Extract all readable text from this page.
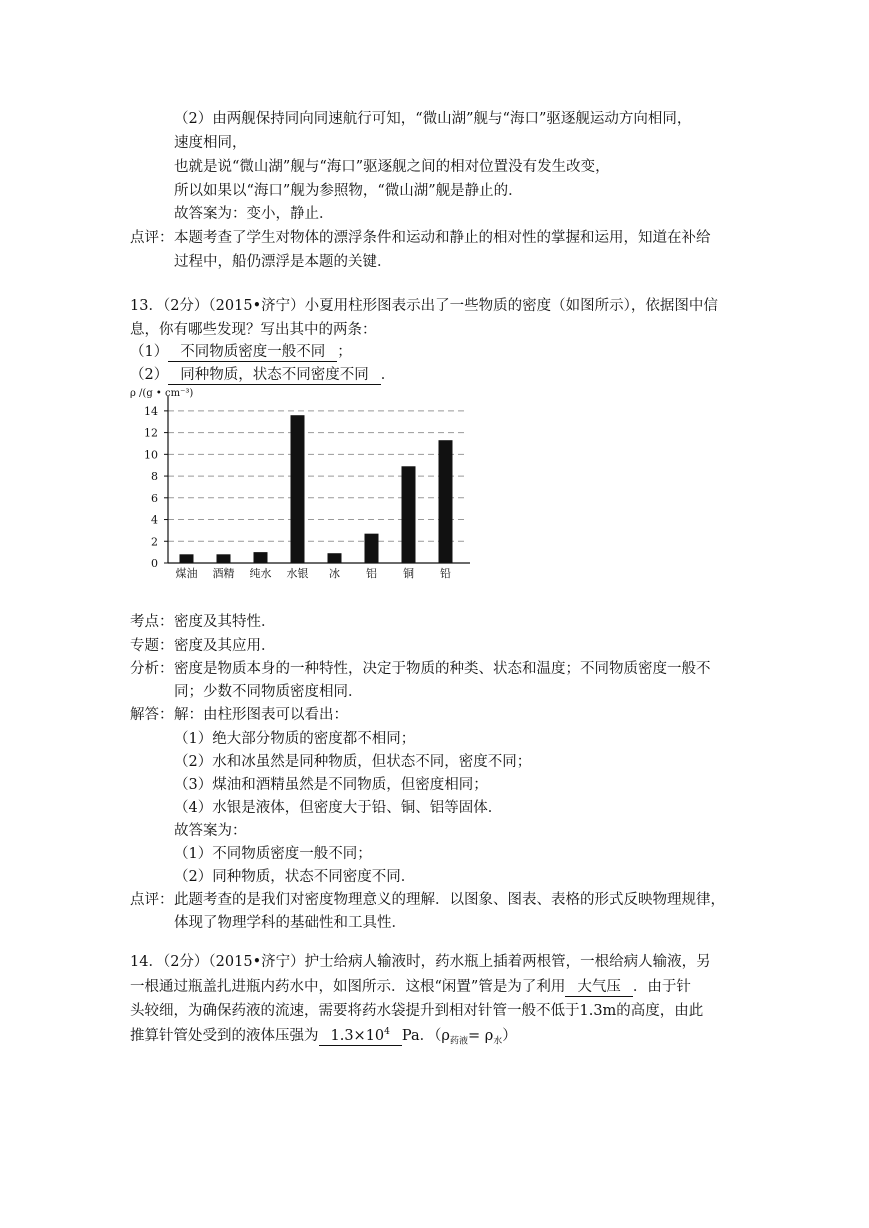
（2）由两舰保持同向同速航行可知，“微山湖”舰与“海口”驱逐舰运动方向相同，
速度相同，
也就是说“微山湖”舰与“海口”驱逐舰之间的相对位置没有发生改变，
所以如果以“海口”舰为参照物，“微山湖”舰是静止的．
故答案为：变小，静止．
点评： 本题考查了学生对物体的漂浮条件和运动和静止的相对性的掌握和运用，知道在补给
过程中，船仍漂浮是本题的关键．
13．（2分）（2015•济宁）小夏用柱形图表示出了一些物质的密度（如图所示），依据图中信
息，你有哪些发现？写出其中的两条：
（1） 不同物质密度一般不同 ；
（2） 同种物质，状态不同密度不同 ．
ρ /(g • cm⁻³)
0
2
4
6
8
10
12
14
煤油 酒精 纯水 水银 冰 铝 铜 铅
考点： 密度及其特性．
专题： 密度及其应用．
分析： 密度是物质本身的一种特性，决定于物质的种类、状态和温度；不同物质密度一般不
同；少数不同物质密度相同．
解答： 解：由柱形图表可以看出：
（1）绝大部分物质的密度都不相同；
（2）水和冰虽然是同种物质，但状态不同，密度不同；
（3）煤油和酒精虽然是不同物质，但密度相同；
（4）水银是液体，但密度大于铅、铜、铝等固体．
故答案为：
（1）不同物质密度一般不同；
（2）同种物质，状态不同密度不同．
点评： 此题考查的是我们对密度物理意义的理解．以图象、图表、表格的形式反映物理规律，
体现了物理学科的基础性和工具性．
14．（2分）（2015•济宁）护士给病人输液时，药水瓶上插着两根管，一根给病人输液，另
一根通过瓶盖扎进瓶内药水中，如图所示．这根“闲置”管是为了利用 大气压 ．由于针
头较细，为确保药液的流速，需要将药水袋提升到相对针管一般不低于1.3m的高度，由此
推算针管处受到的液体压强为 $1.3\times 10^4$ Pa．$(\rho_{药液}= \rho_水)$
